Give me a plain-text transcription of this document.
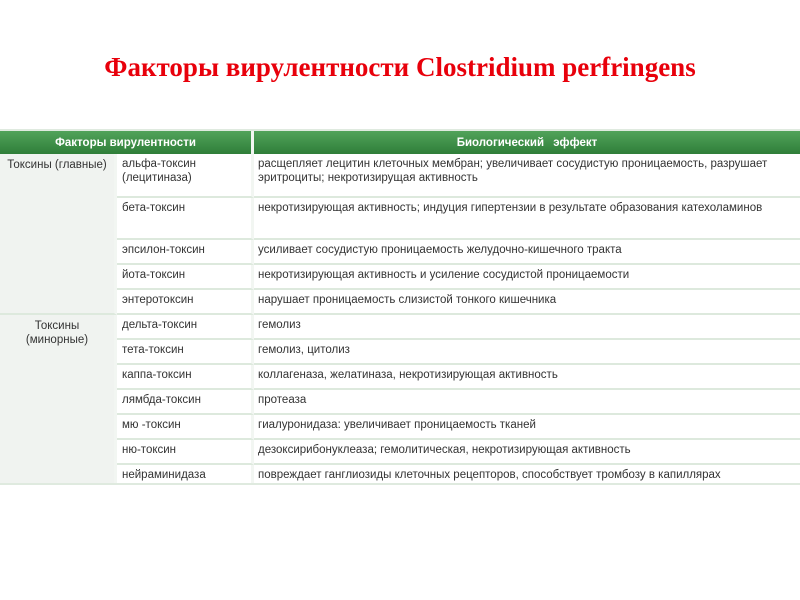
Факторы вирулентности Clostridium perfringens
Факторы вирулентности		Биологический эффект
Токсины (главные)	альфа-токсин (лецитиназа)	расщепляет лецитин клеточных мембран; увеличивает сосудистую проницаемость, разрушает эритроциты; некротизирущая активность
	бета-токсин	некротизирующая активность; индуция гипертензии в результате образования катехоламинов
	эпсилон-токсин	усиливает сосудистую проницаемость желудочно-кишечного тракта
	йота-токсин	некротизирующая активность и усиление сосудистой проницаемости
	энтеротоксин	нарушает проницаемость слизистой тонкого кишечника
Токсины (минорные)	дельта-токсин	гемолиз
	тета-токсин	гемолиз, цитолиз
	каппа-токсин	коллагеназа, желатиназа, некротизирующая активность
	лямбда-токсин	протеаза
	мю -токсин	гиалуронидаза: увеличивает проницаемость тканей
	ню-токсин	дезоксирибонуклеаза; гемолитическая, некротизирующая активность
	нейраминидаза	повреждает ганглиозиды клеточных рецепторов, способствует тромбозу в капиллярах
